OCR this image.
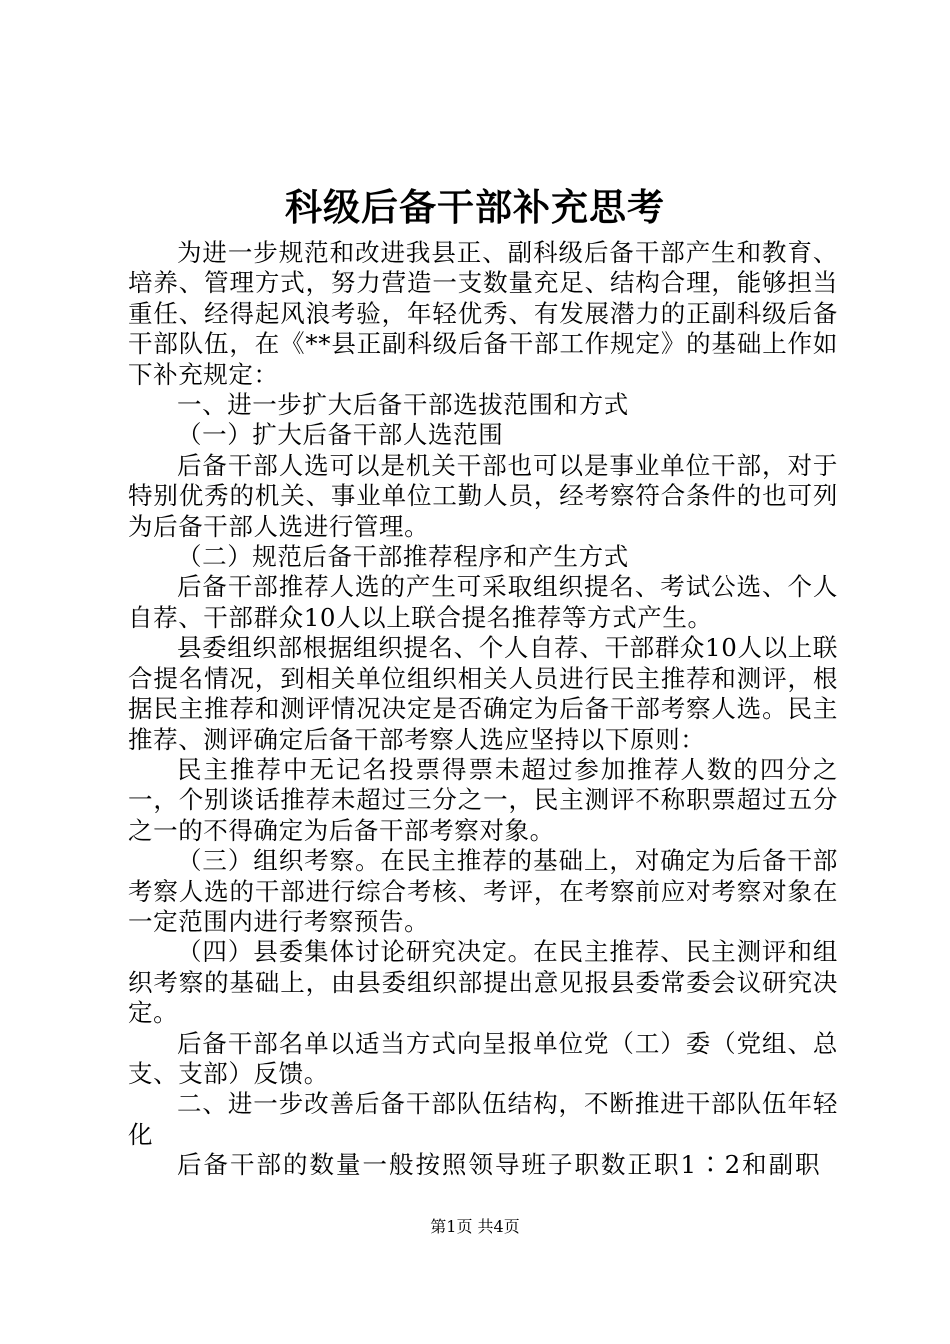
科级后备干部补充思考

为进一步规范和改进我县正、副科级后备干部产生和教育、培养、管理方式，努力营造一支数量充足、结构合理，能够担当重任、经得起风浪考验，年轻优秀、有发展潜力的正副科级后备干部队伍，在《**县正副科级后备干部工作规定》的基础上作如下补充规定：

一、进一步扩大后备干部选拔范围和方式

（一）扩大后备干部人选范围

后备干部人选可以是机关干部也可以是事业单位干部，对于特别优秀的机关、事业单位工勤人员，经考察符合条件的也可列为后备干部人选进行管理。

（二）规范后备干部推荐程序和产生方式

后备干部推荐人选的产生可采取组织提名、考试公选、个人自荐、干部群众10人以上联合提名推荐等方式产生。

县委组织部根据组织提名、个人自荐、干部群众10人以上联合提名情况，到相关单位组织相关人员进行民主推荐和测评，根据民主推荐和测评情况决定是否确定为后备干部考察人选。民主推荐、测评确定后备干部考察人选应坚持以下原则：

民主推荐中无记名投票得票未超过参加推荐人数的四分之一，个别谈话推荐未超过三分之一，民主测评不称职票超过五分之一的不得确定为后备干部考察对象。

（三）组织考察。在民主推荐的基础上，对确定为后备干部考察人选的干部进行综合考核、考评，在考察前应对考察对象在一定范围内进行考察预告。

（四）县委集体讨论研究决定。在民主推荐、民主测评和组织考察的基础上，由县委组织部提出意见报县委常委会议研究决定。

后备干部名单以适当方式向呈报单位党（工）委（党组、总支、支部）反馈。

二、进一步改善后备干部队伍结构，不断推进干部队伍年轻化

后备干部的数量一般按照领导班子职数正职1∶2和副职

第1页 共4页
